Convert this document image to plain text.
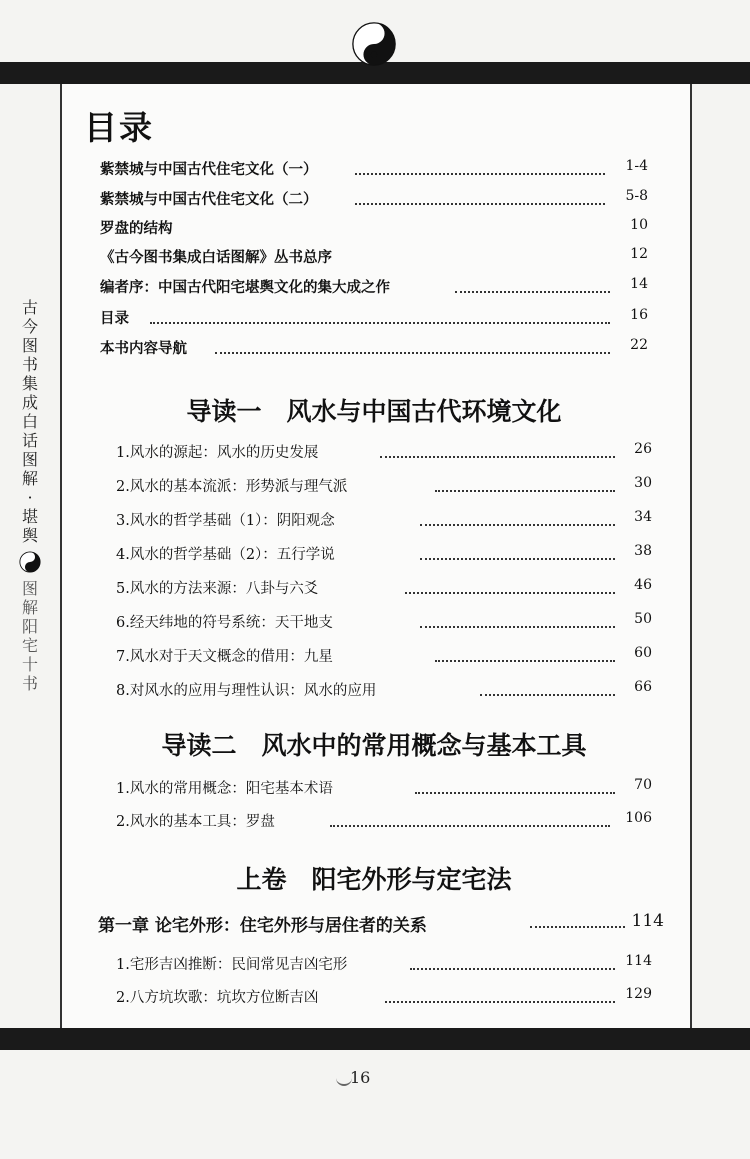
古
今
图
书
集
成
白
话
图
解
·
堪
舆
图
解
阳
宅
十
书
目录
紫禁城与中国古代住宅文化（一）	1-4
紫禁城与中国古代住宅文化（二）	5-8
罗盘的结构	10
《古今图书集成白话图解》丛书总序	12
编者序：中国古代阳宅堪舆文化的集大成之作	14
目录	16
本书内容导航	22
导读一　风水与中国古代环境文化
1.风水的源起：风水的历史发展	26
2.风水的基本流派：形势派与理气派	30
3.风水的哲学基础（1）：阴阳观念	34
4.风水的哲学基础（2）：五行学说	38
5.风水的方法来源：八卦与六爻	46
6.经天纬地的符号系统：天干地支	50
7.风水对于天文概念的借用：九星	60
8.对风水的应用与理性认识：风水的应用	66
导读二　风水中的常用概念与基本工具
1.风水的常用概念：阳宅基本术语	70
2.风水的基本工具：罗盘	106
上卷　阳宅外形与定宅法
第一章 论宅外形：住宅外形与居住者的关系	114
1.宅形吉凶推断：民间常见吉凶宅形	114
2.八方坑坎歌：坑坎方位断吉凶	129
16
